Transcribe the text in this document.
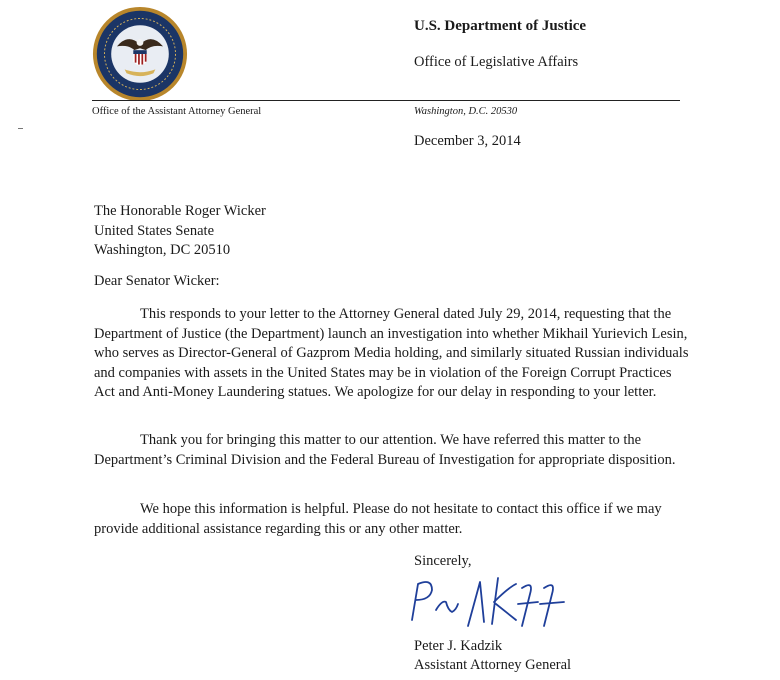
U.S. Department of Justice
Office of Legislative Affairs
Office of the Assistant Attorney General	Washington, D.C. 20530
December 3, 2014
The Honorable Roger Wicker
United States Senate
Washington, DC 20510
Dear Senator Wicker:
This responds to your letter to the Attorney General dated July 29, 2014, requesting that the Department of Justice (the Department) launch an investigation into whether Mikhail Yurievich Lesin, who serves as Director-General of Gazprom Media holding, and similarly situated Russian individuals and companies with assets in the United States may be in violation of the Foreign Corrupt Practices Act and Anti-Money Laundering statues. We apologize for our delay in responding to your letter.
Thank you for bringing this matter to our attention. We have referred this matter to the Department’s Criminal Division and the Federal Bureau of Investigation for appropriate disposition.
We hope this information is helpful. Please do not hesitate to contact this office if we may provide additional assistance regarding this or any other matter.
Sincerely,
Peter J. Kadzik
Assistant Attorney General
